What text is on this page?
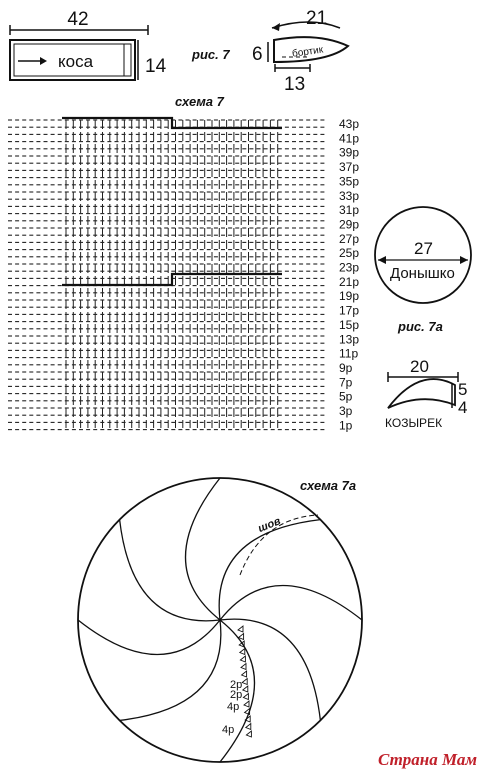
42
коса	14
рис. 7
21
6	бортик
13
схема 7
43р
41р
39р
37р
35р
33р
31р
29р
27р
25р
23р
21р
19р
17р
15р
13р
11р
9р
7р
5р
3р
1р
27
Донышко
рис. 7а
20
5
4
КОЗЫРЕК
схема 7а
шов
2р
2р
4р
4р
Страна Мам
